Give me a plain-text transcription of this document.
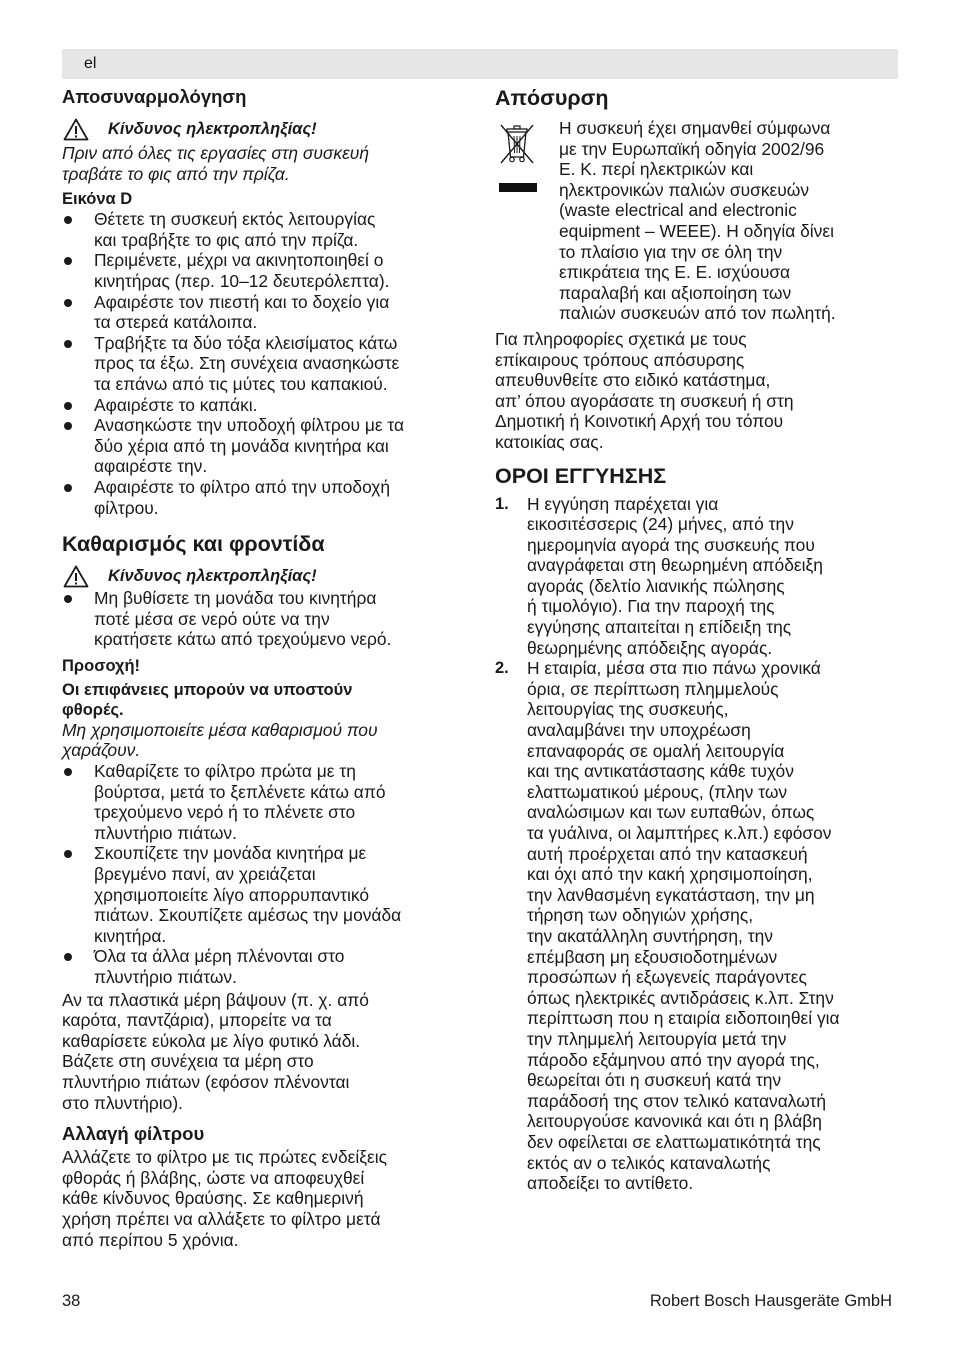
el
Αποσυναρμολόγηση
Κίνδυνος ηλεκτροπληξίας!

Πριν από όλες τις εργασίες στη συσκευή
τραβάτε το φις από την πρίζα.

Εικόνα D

Θέτετε τη συσκευή εκτός λειτουργίας
και τραβήξτε το φις από την πρίζα.
Περιμένετε, μέχρι να ακινητοποιηθεί ο
κινητήρας (περ. 10–12 δευτερόλεπτα).
Αφαιρέστε τον πιεστή και το δοχείο για
τα στερεά κατάλοιπα.
Τραβήξτε τα δύο τόξα κλεισίματος κάτω
προς τα έξω. Στη συνέχεια ανασηκώστε
τα επάνω από τις μύτες του καπακιού.
Αφαιρέστε το καπάκι.
Ανασηκώστε την υποδοχή φίλτρου με τα
δύο χέρια από τη μονάδα κινητήρα και
αφαιρέστε την.
Αφαιρέστε το φίλτρο από την υποδοχή
φίλτρου.
Καθαρισμός και φροντίδα
Κίνδυνος ηλεκτροπληξίας!
Μη βυθίσετε τη μονάδα του κινητήρα
ποτέ μέσα σε νερό ούτε να την
κρατήσετε κάτω από τρεχούμενο νερό.

Προσοχή!

Οι επιφάνειες μπορούν να υποστούν
φθορές.

Μη χρησιμοποιείτε μέσα καθαρισμού που
χαράζουν.

Καθαρίζετε το φίλτρο πρώτα με τη
βούρτσα, μετά το ξεπλένετε κάτω από
τρεχούμενο νερό ή το πλένετε στο
πλυντήριο πιάτων.
Σκουπίζετε την μονάδα κινητήρα με
βρεγμένο πανί, αν χρειάζεται
χρησιμοποιείτε λίγο απορρυπαντικό
πιάτων. Σκουπίζετε αμέσως την μονάδα
κινητήρα.
Όλα τα άλλα μέρη πλένονται στο
πλυντήριο πιάτων.

Αν τα πλαστικά μέρη βάψουν (π. χ. από
καρότα, παντζάρια), μπορείτε να τα
καθαρίσετε εύκολα με λίγο φυτικό λάδι.
Βάζετε στη συνέχεια τα μέρη στο
πλυντήριο πιάτων (εφόσον πλένονται
στο πλυντήριο).

Αλλαγή φίλτρου

Αλλάζετε το φίλτρο με τις πρώτες ενδείξεις
φθοράς ή βλάβης, ώστε να αποφευχθεί
κάθε κίνδυνος θραύσης. Σε καθημερινή
χρήση πρέπει να αλλάξετε το φίλτρο μετά
από περίπου 5 χρόνια.

Απόσυρση
Η συσκευή έχει σημανθεί σύμφωνα
με την Ευρωπαϊκή οδηγία 2002/96
Ε. Κ. περί ηλεκτρικών και
ηλεκτρονικών παλιών συσκευών
(waste electrical and electronic
equipment – WEEE). Η οδηγία δίνει
το πλαίσιο για την σε όλη την
επικράτεια της Ε. Ε. ισχύουσα
παραλαβή και αξιοποίηση των
παλιών συσκευών από τον πωλητή.

Για πληροφορίες σχετικά με τους
επίκαιρους τρόπους απόσυρσης
απευθυνθείτε στο ειδικό κατάστημα,
απ’ όπου αγοράσατε τη συσκευή ή στη
Δημοτική ή Κοινοτική Αρχή του τόπου
κατοικίας σας.

ΟΡΟΙ ΕΓΓΥΗΣΗΣ
1. Η εγγύηση παρέχεται για
εικοσιτέσσερις (24) μήνες, από την
ημερομηνία αγορά της συσκευής που
αναγράφεται στη θεωρημένη απόδειξη
αγοράς (δελτίο λιανικής πώλησης
ή τιμολόγιο). Για την παροχή της
εγγύησης απαιτείται η επίδειξη της
θεωρημένης απόδειξης αγοράς.
2. Η εταιρία, μέσα στα πιο πάνω χρονικά
όρια, σε περίπτωση πλημμελούς
λειτουργίας της συσκευής,
αναλαμβάνει την υποχρέωση
επαναφοράς σε ομαλή λειτουργία
και της αντικατάστασης κάθε τυχόν
ελαττωματικού μέρους, (πλην των
αναλώσιμων και των ευπαθών, όπως
τα γυάλινα, οι λαμπτήρες κ.λπ.) εφόσον
αυτή προέρχεται από την κατασκευή
και όχι από την κακή χρησιμοποίηση,
την λανθασμένη εγκατάσταση, την μη
τήρηση των οδηγιών χρήσης,
την ακατάλληλη συντήρηση, την
επέμβαση μη εξουσιοδοτημένων
προσώπων ή εξωγενείς παράγοντες
όπως ηλεκτρικές αντιδράσεις κ.λπ. Στην
περίπτωση που η εταιρία ειδοποιηθεί για
την πλημμελή λειτουργία μετά την
πάροδο εξάμηνου από την αγορά της,
θεωρείται ότι η συσκευή κατά την
παράδοσή της στον τελικό καταναλωτή
λειτουργούσε κανονικά και ότι η βλάβη
δεν οφείλεται σε ελαττωματικότητά της
εκτός αν ο τελικός καταναλωτής
αποδείξει το αντίθετο.
38	Robert Bosch Hausgeräte GmbH
